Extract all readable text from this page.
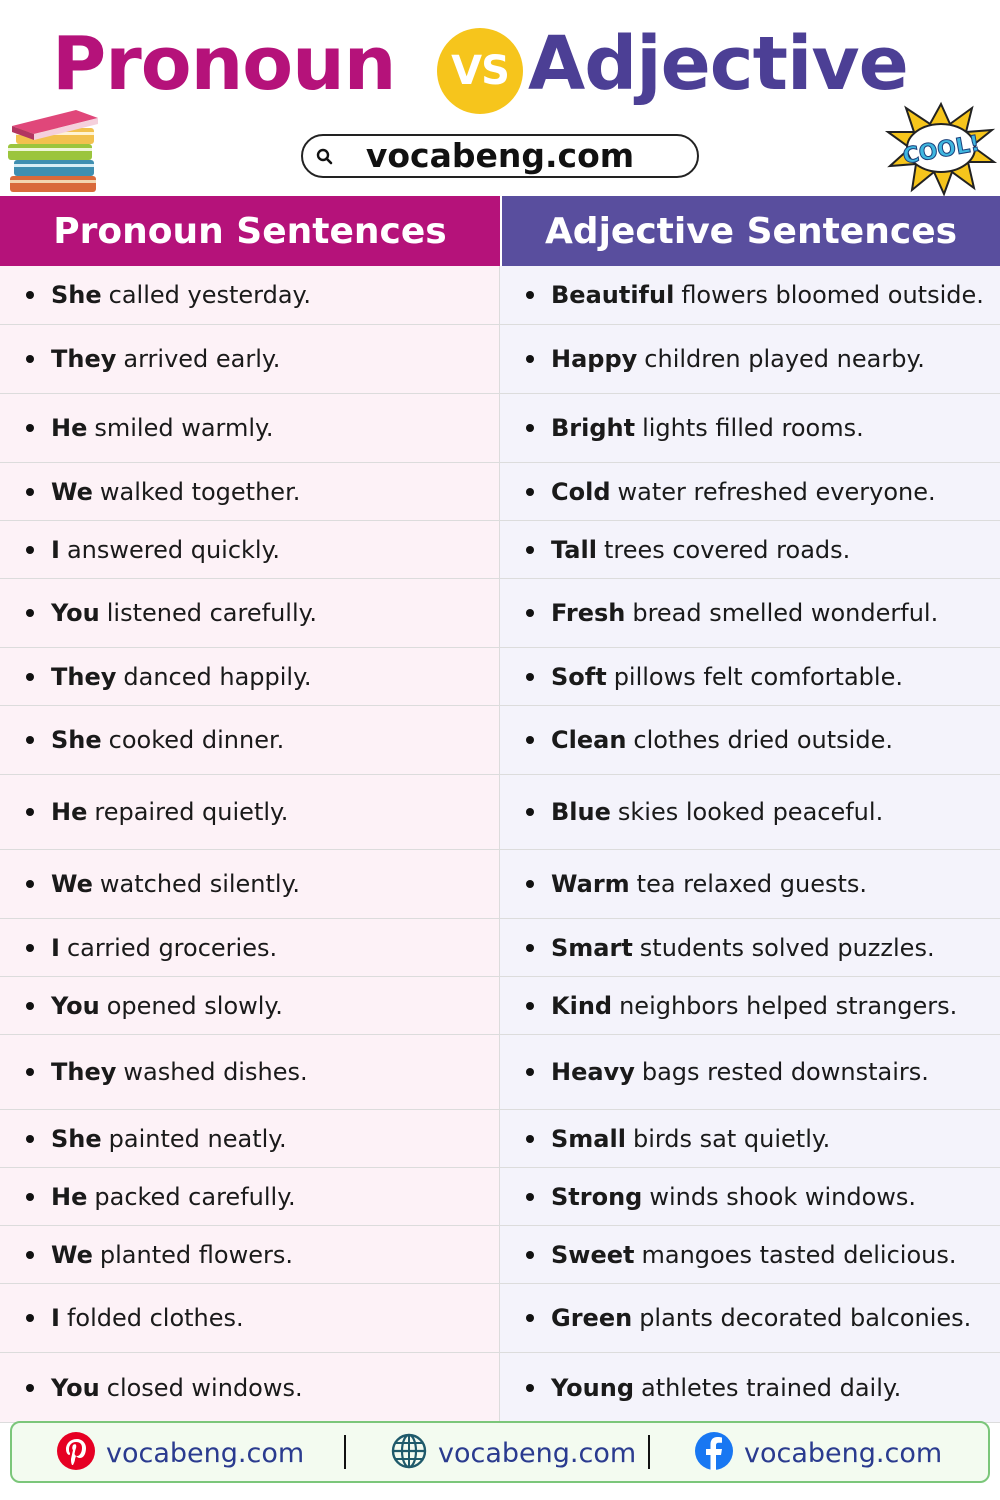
Pronoun	VS Adjective
vocabeng.com	COOL!
Pronoun Sentences	Adjective Sentences
She called yesterday.	Beautiful flowers bloomed outside.
They arrived early.	Happy children played nearby.
He smiled warmly.	Bright lights filled rooms.
We walked together.	Cold water refreshed everyone.
I answered quickly.	Tall trees covered roads.
You listened carefully.	Fresh bread smelled wonderful.
They danced happily.	Soft pillows felt comfortable.
She cooked dinner.	Clean clothes dried outside.
He repaired quietly.	Blue skies looked peaceful.
We watched silently.	Warm tea relaxed guests.
I carried groceries.	Smart students solved puzzles.
You opened slowly.	Kind neighbors helped strangers.
They washed dishes.	Heavy bags rested downstairs.
She painted neatly.	Small birds sat quietly.
He packed carefully.	Strong winds shook windows.
We planted flowers.	Sweet mangoes tasted delicious.
I folded clothes.	Green plants decorated balconies.
You closed windows.	Young athletes trained daily.
vocabeng.com	vocabeng.com	vocabeng.com
